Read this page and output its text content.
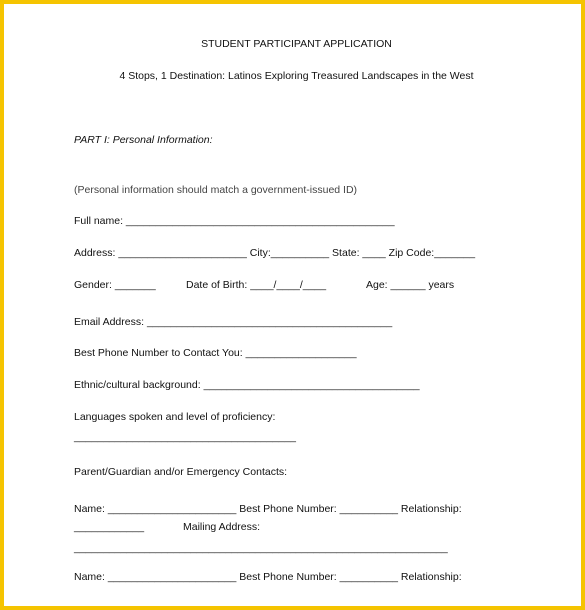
STUDENT PARTICIPANT APPLICATION
4 Stops, 1 Destination: Latinos Exploring Treasured Landscapes in the West
PART I: Personal Information:
(Personal information should match a government-issued ID)
Full name: ______________________________________________
Address: ______________________ City:__________ State: ____ Zip Code:_______
Gender: _______	Date of Birth: ____/____/____	Age: ______ years
Email Address: __________________________________________
Best Phone Number to Contact You: ___________________
Ethnic/cultural background: _____________________________________
Languages spoken and level of proficiency:
______________________________________
Parent/Guardian and/or Emergency Contacts:
Name: ______________________ Best Phone Number: __________ Relationship:
____________	Mailing Address:
________________________________________________________________
Name: ______________________ Best Phone Number: __________ Relationship:
